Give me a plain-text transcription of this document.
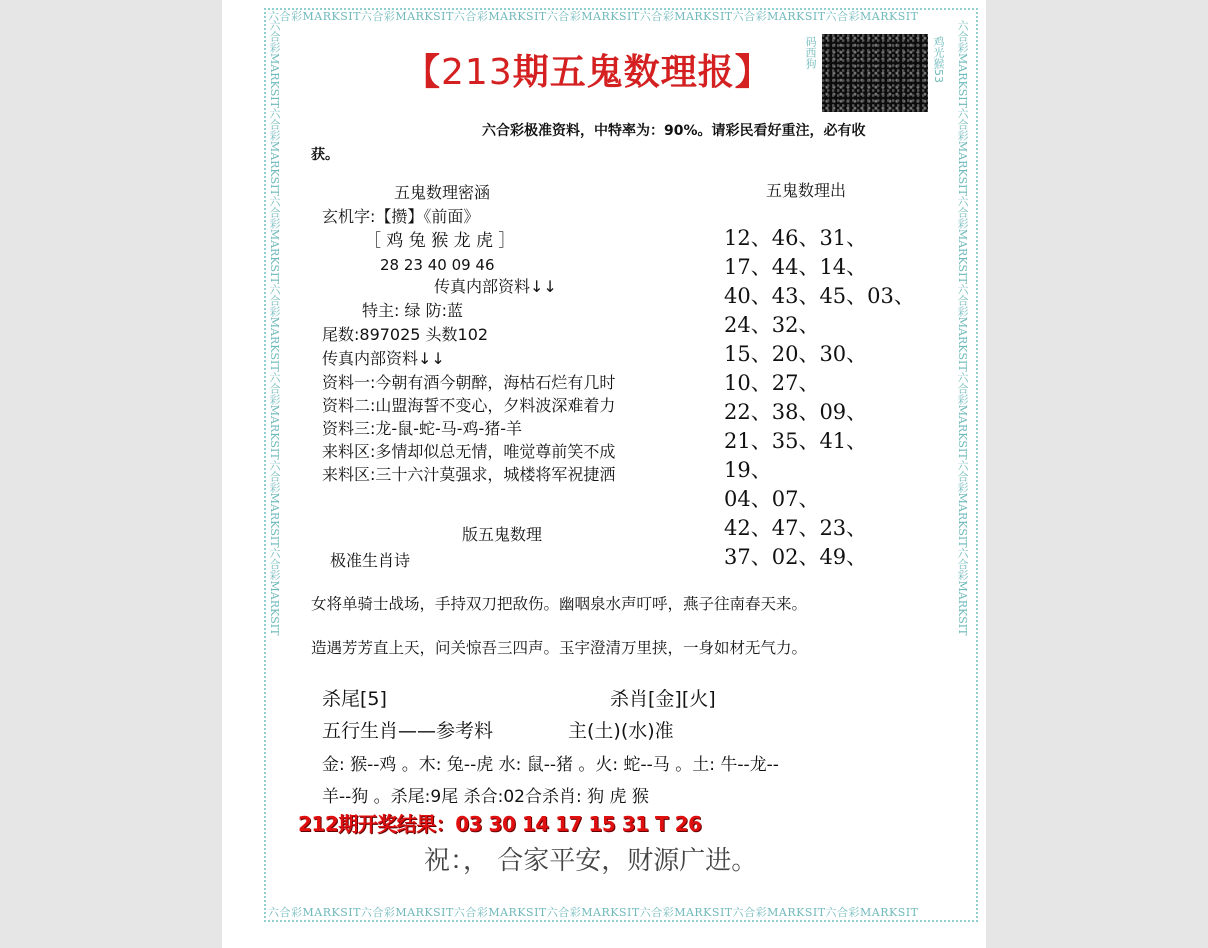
六合彩MARKSIT六合彩MARKSIT六合彩MARKSIT六合彩MARKSIT六合彩MARKSIT六合彩MARKSIT六合彩MARKSIT
六合彩MARKSIT六合彩MARKSIT六合彩MARKSIT六合彩MARKSIT六合彩MARKSIT六合彩MARKSIT六合彩MARKSIT
六合彩MARKSIT六合彩MARKSIT六合彩MARKSIT六合彩MARKSIT六合彩MARKSIT六合彩MARKSIT六合彩MARKSIT	六合彩MARKSIT六合彩MARKSIT六合彩MARKSIT六合彩MARKSIT六合彩MARKSIT六合彩MARKSIT六合彩MARKSIT
【213期五鬼数理报】	码西狗	鸡光猴53
六合彩极准资料，中特率为：90%。请彩民看好重注，必有收
获。
五鬼数理密涵
玄机字:【攒】《前面》
［ 鸡 兔 猴 龙 虎 ］
28 23 40 09 46
传真内部资料↓↓
特主: 绿 防:蓝
尾数:897025 头数102
传真内部资料↓↓
资料一:今朝有酒今朝醉，海枯石烂有几时
资料二:山盟海誓不变心，夕料波深难着力
资料三:龙-鼠-蛇-马-鸡-猪-羊
来料区:多情却似总无情，唯觉尊前笑不成
来料区:三十六汁莫强求，城楼将军祝捷洒
版五鬼数理
极准生肖诗
五鬼数理出
12、46、31、
17、44、14、
40、43、45、03、
24、32、
15、20、30、
10、27、
22、38、09、
21、35、41、
19、
04、07、
42、47、23、
37、02、49、
女将单骑士战场，手持双刀把敌伤。幽咽泉水声叮呼，燕子往南春天来。
造遇芳芳直上天，问关惊吾三四声。玉宇澄清万里挟，一身如材无气力。
杀尾[5]	杀肖[金][火]
五行生肖——参考料	主(土)(水)准
金: 猴--鸡 。木: 兔--虎 水: 鼠--猪 。火: 蛇--马 。土: 牛--龙--
羊--狗 。杀尾:9尾 杀合:02合杀肖: 狗 虎 猴
212期开奖结果：03 30 14 17 15 31 T 26
祝：， 合家平安，财源广进。
